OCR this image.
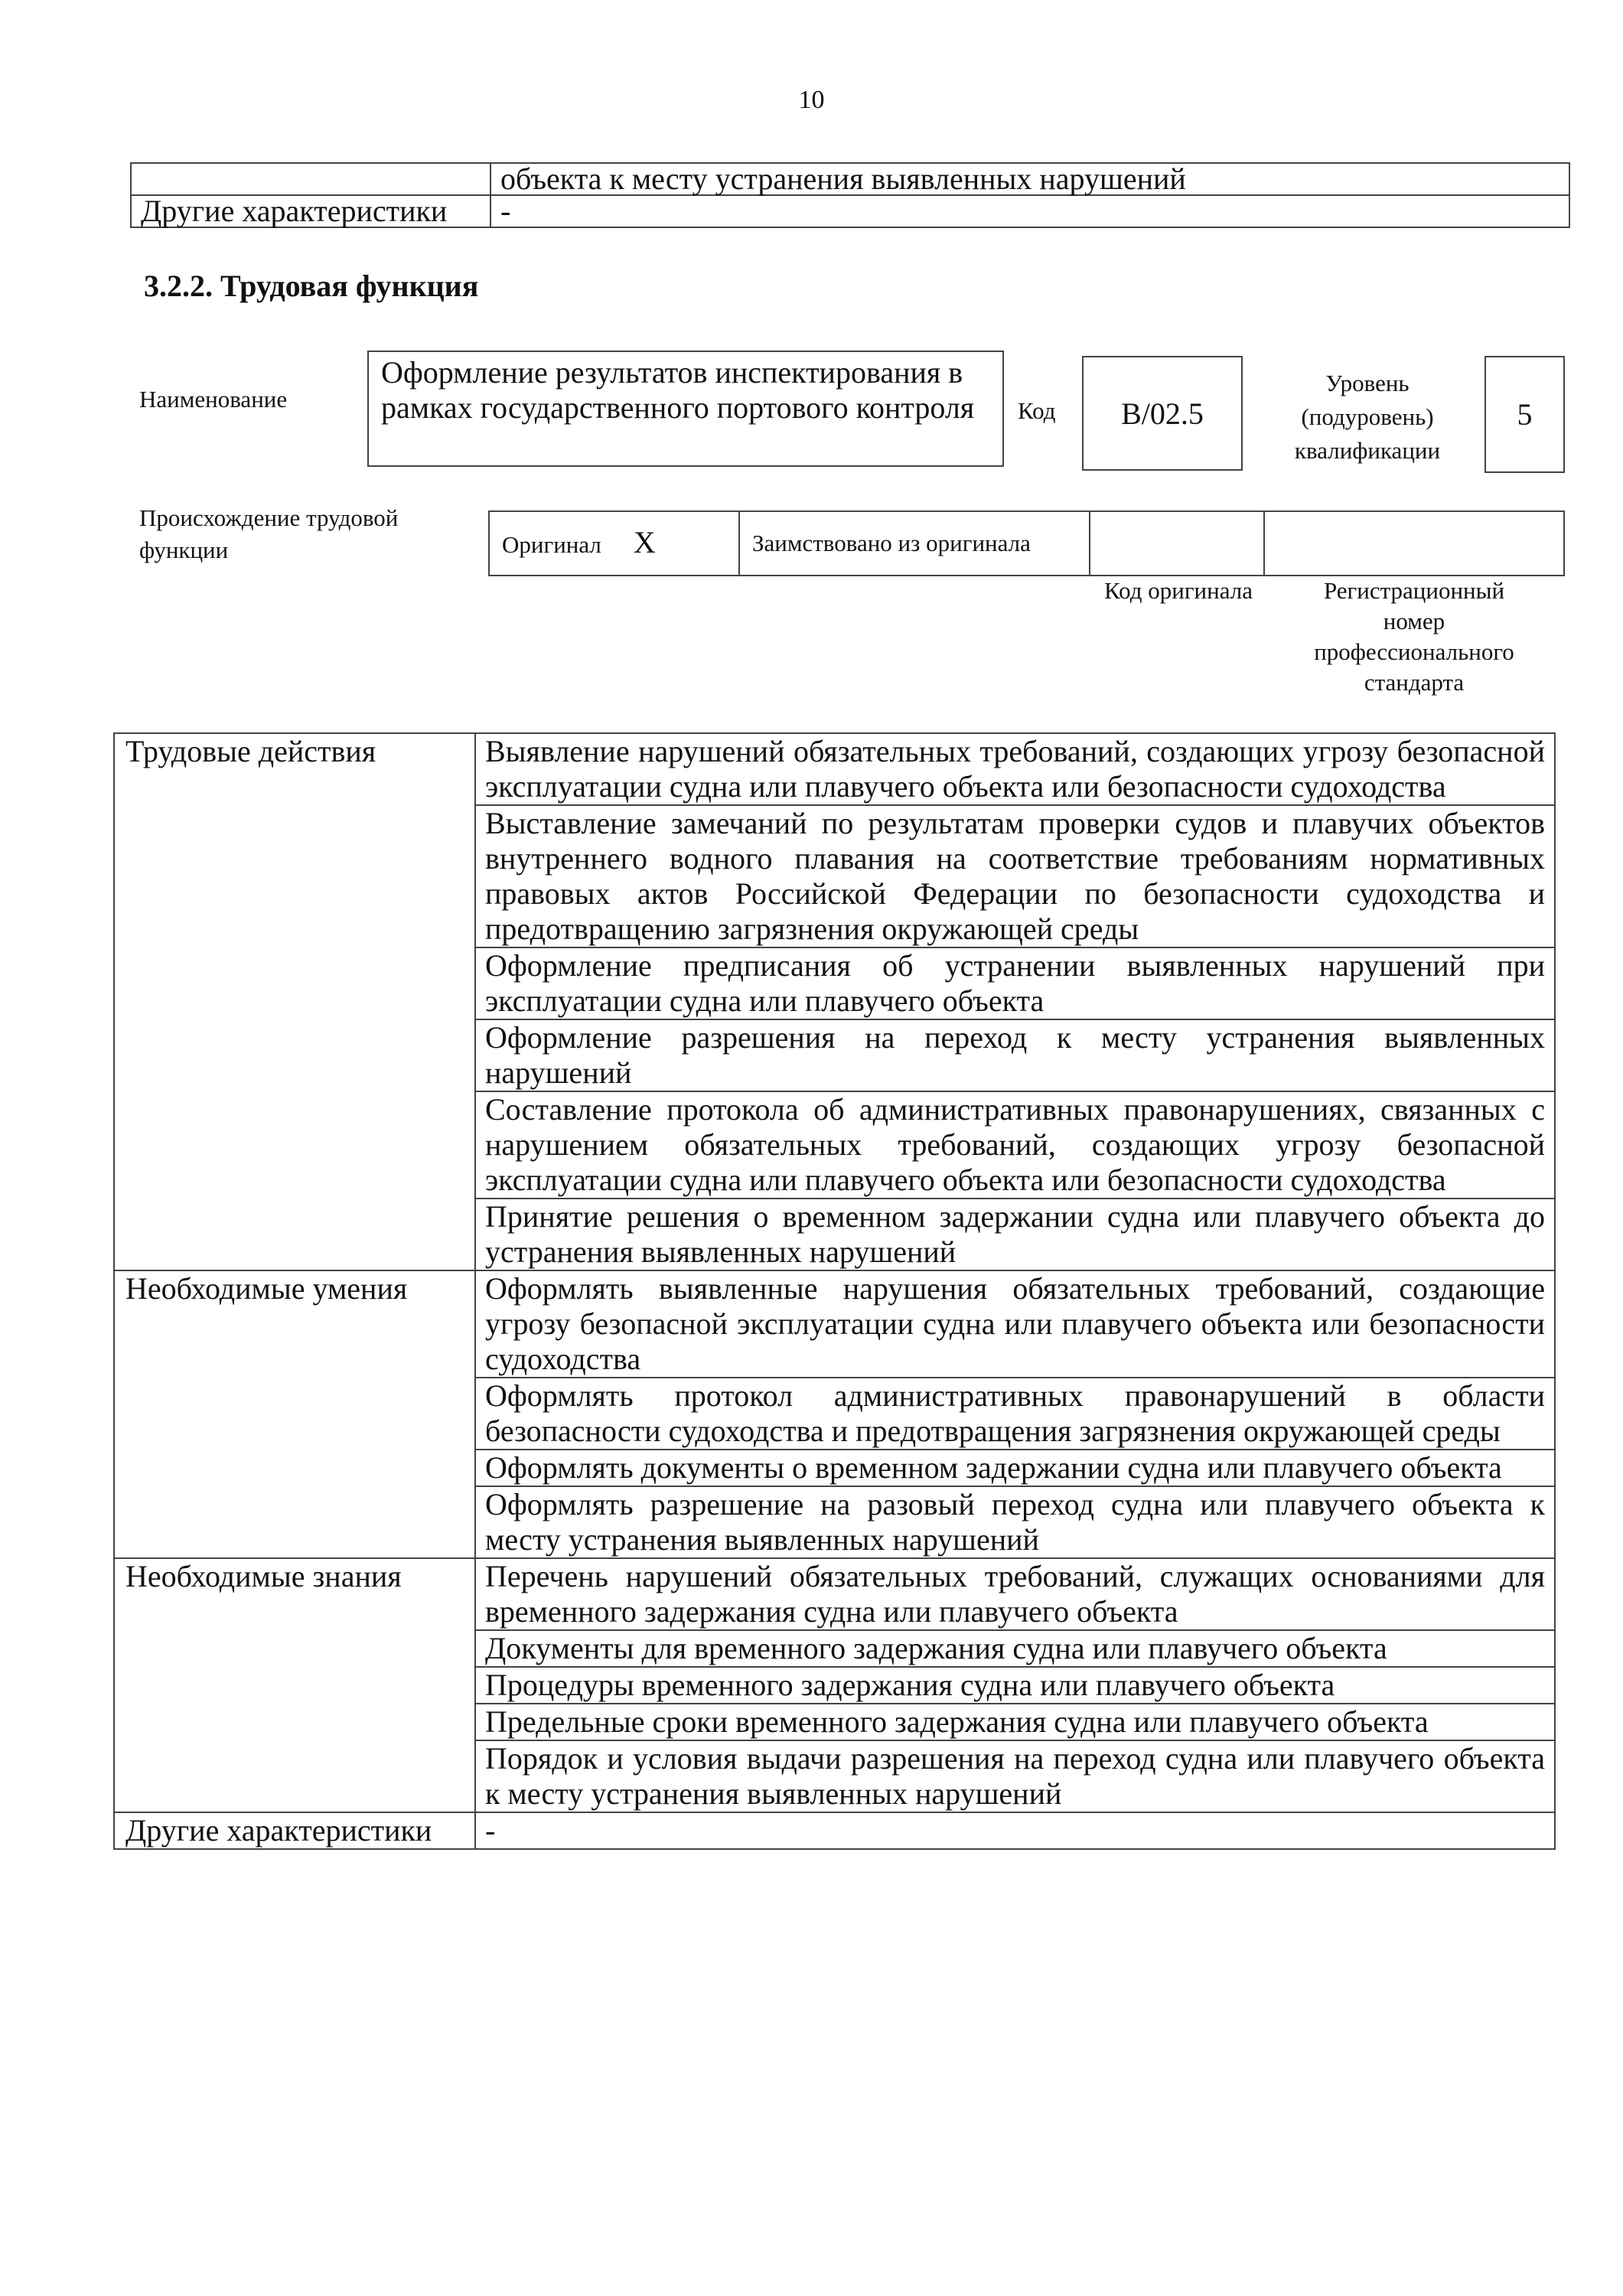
10
	объекта к месту устранения выявленных нарушений
Другие характеристики	-
3.2.2. Трудовая функция
Наименование
Оформление результатов инспектирования в рамках государственного портового контроля	Код	B/02.5
Уровень
(подуровень)
квалификации
5
Происхождение трудовой функции	Оригинал X	Заимствовано из оригинала		
Код оригинала	Регистрационный номер профессионального стандарта
Трудовые действия	Выявление нарушений обязательных требований, создающих угрозу безопасной эксплуатации судна или плавучего объекта или безопасности судоходства
	Выставление замечаний по результатам проверки судов и плавучих объектов внутреннего водного плавания на соответствие требованиям нормативных правовых актов Российской Федерации по безопасности судоходства и предотвращению загрязнения окружающей среды
	Оформление предписания об устранении выявленных нарушений при эксплуатации судна или плавучего объекта
	Оформление разрешения на переход к месту устранения выявленных нарушений
	Составление протокола об административных правонарушениях, связанных с нарушением обязательных требований, создающих угрозу безопасной эксплуатации судна или плавучего объекта или безопасности судоходства
	Принятие решения о временном задержании судна или плавучего объекта до устранения выявленных нарушений
Необходимые умения	Оформлять выявленные нарушения обязательных требований, создающие угрозу безопасной эксплуатации судна или плавучего объекта или безопасности судоходства
	Оформлять протокол административных правонарушений в области безопасности судоходства и предотвращения загрязнения окружающей среды
	Оформлять документы о временном задержании судна или плавучего объекта
	Оформлять разрешение на разовый переход судна или плавучего объекта к месту устранения выявленных нарушений
Необходимые знания	Перечень нарушений обязательных требований, служащих основаниями для временного задержания судна или плавучего объекта
	Документы для временного задержания судна или плавучего объекта
	Процедуры временного задержания судна или плавучего объекта
	Предельные сроки временного задержания судна или плавучего объекта
	Порядок и условия выдачи разрешения на переход судна или плавучего объекта к месту устранения выявленных нарушений
Другие характеристики	-
